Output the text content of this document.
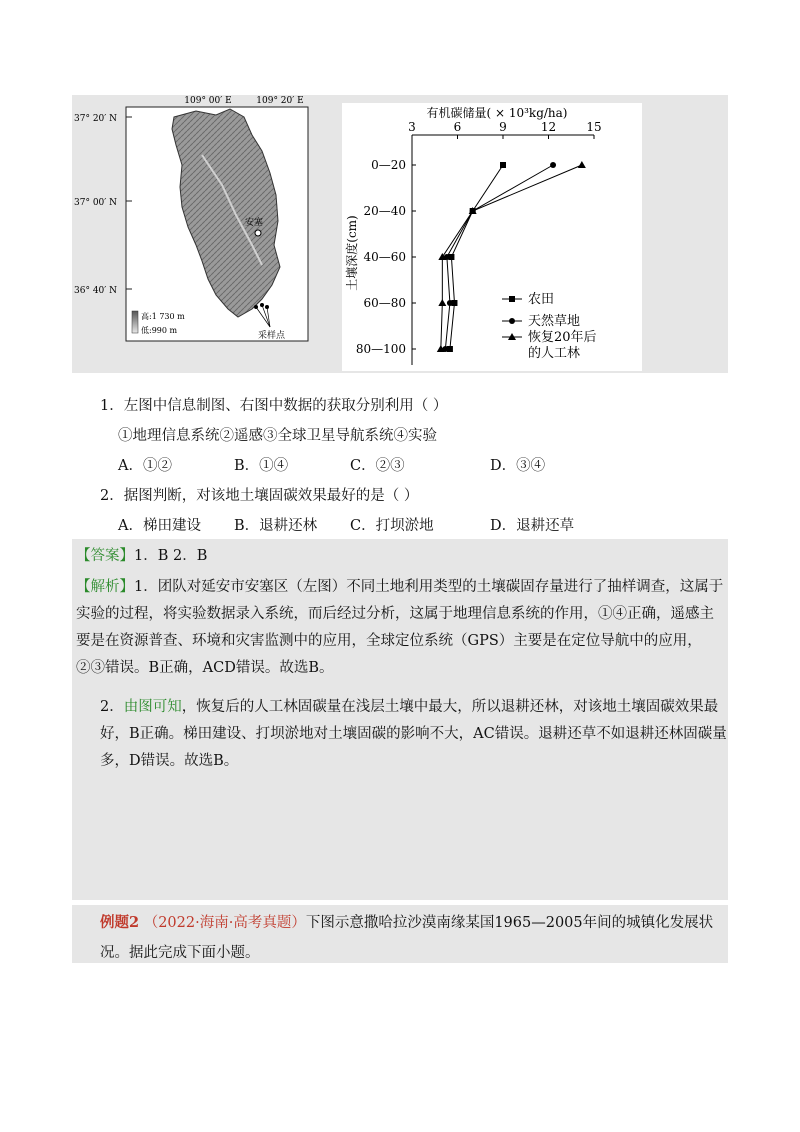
109° 00′ E	109° 20′ E
37° 20′ N
37° 00′ N
36° 40′ N
安塞
采样点
高:1 730 m
低:990 m
有机碳储量( × 10³kg/ha)
土壤深度(cm)
3	6	9	12	15
0—20
20—40
40—60
60—80
80—100
农田
天然草地
恢复20年后
的人工林
1．左图中信息制图、右图中数据的获取分别利用（ ）
①地理信息系统②遥感③全球卫星导航系统④实验
A．①②	B．①④	C．②③	D．③④
2．据图判断，对该地土壤固碳效果最好的是（ ）
A．梯田建设 B．退耕还林 C．打坝淤地	D．退耕还草
【答案】1．B 2．B
【解析】1．团队对延安市安塞区（左图）不同土地利用类型的土壤碳固存量进行了抽样调查，这属于实验的过程，将实验数据录入系统，而后经过分析，这属于地理信息系统的作用，①④正确，遥感主要是在资源普查、环境和灾害监测中的应用，全球定位系统（GPS）主要是在定位导航中的应用，②③错误。B正确，ACD错误。故选B。
2．由图可知，恢复后的人工林固碳量在浅层土壤中最大，所以退耕还林，对该地土壤固碳效果最好，B正确。梯田建设、打坝淤地对土壤固碳的影响不大，AC错误。退耕还草不如退耕还林固碳量多，D错误。故选B。
例题2 （2022·海南·高考真题）下图示意撒哈拉沙漠南缘某国1965—2005年间的城镇化发展状况。据此完成下面小题。
